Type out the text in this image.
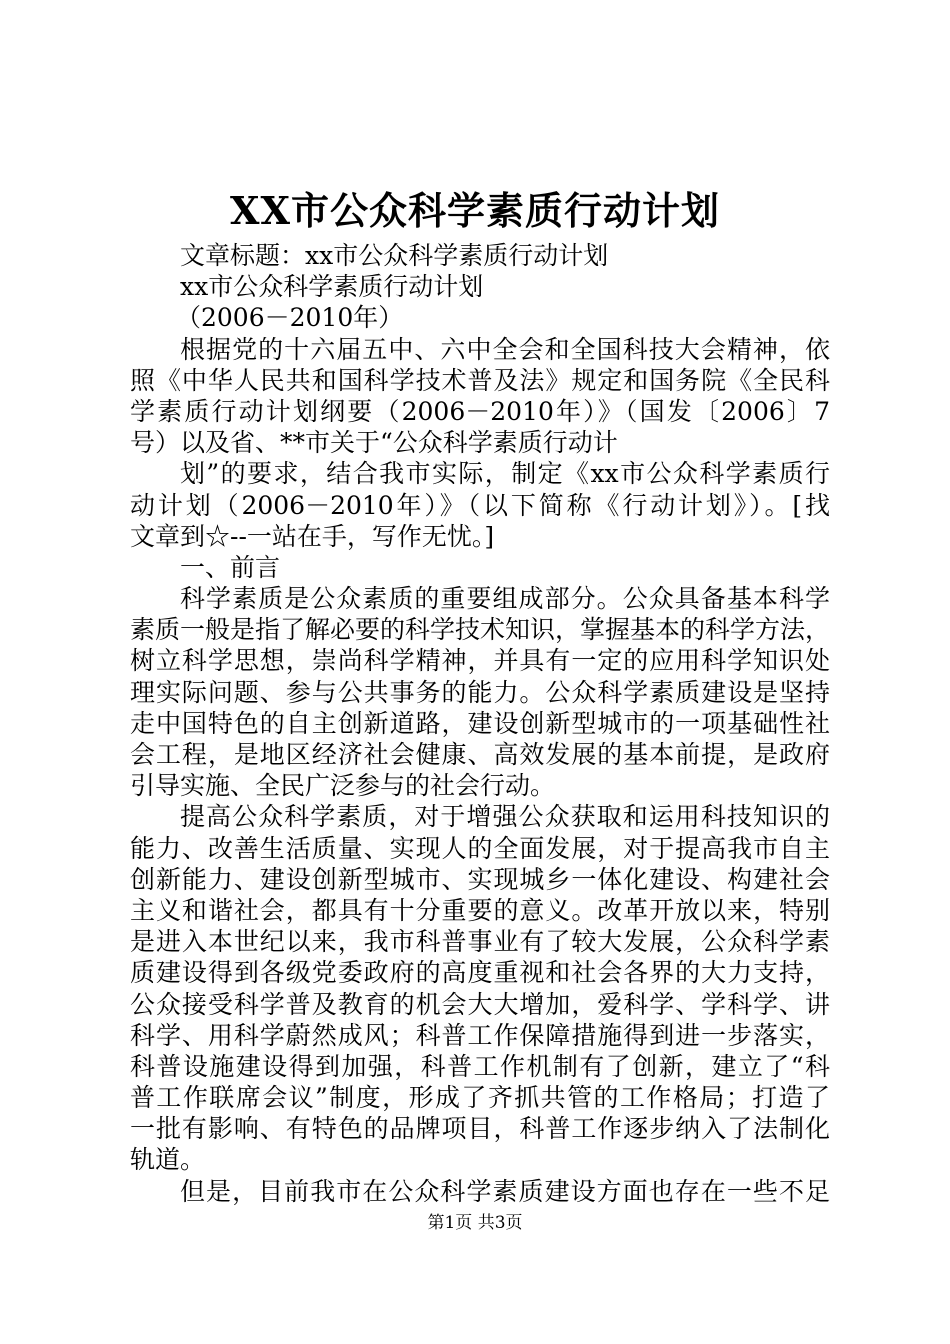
XX市公众科学素质行动计划
文章标题：xx市公众科学素质行动计划
xx市公众科学素质行动计划
（2006－2010年）
根据党的十六届五中、六中全会和全国科技大会精神，依
照《中华人民共和国科学技术普及法》规定和国务院《全民科
学素质行动计划纲要（2006－2010年）》（国发〔2006〕7
号）以及省、**市关于“公众科学素质行动计
划”的要求，结合我市实际，制定《xx市公众科学素质行
动计划（2006－2010年）》（以下简称《行动计划》）。[找
文章到☆--一站在手，写作无忧。]
一、前言
科学素质是公众素质的重要组成部分。公众具备基本科学
素质一般是指了解必要的科学技术知识，掌握基本的科学方法，
树立科学思想，崇尚科学精神，并具有一定的应用科学知识处
理实际问题、参与公共事务的能力。公众科学素质建设是坚持
走中国特色的自主创新道路，建设创新型城市的一项基础性社
会工程，是地区经济社会健康、高效发展的基本前提，是政府
引导实施、全民广泛参与的社会行动。
提高公众科学素质，对于增强公众获取和运用科技知识的
能力、改善生活质量、实现人的全面发展，对于提高我市自主
创新能力、建设创新型城市、实现城乡一体化建设、构建社会
主义和谐社会，都具有十分重要的意义。改革开放以来，特别
是进入本世纪以来，我市科普事业有了较大发展，公众科学素
质建设得到各级党委政府的高度重视和社会各界的大力支持，
公众接受科学普及教育的机会大大增加，爱科学、学科学、讲
科学、用科学蔚然成风；科普工作保障措施得到进一步落实，
科普设施建设得到加强，科普工作机制有了创新，建立了“科
普工作联席会议”制度，形成了齐抓共管的工作格局；打造了
一批有影响、有特色的品牌项目，科普工作逐步纳入了法制化
轨道。
但是，目前我市在公众科学素质建设方面也存在一些不足
第1页 共3页
